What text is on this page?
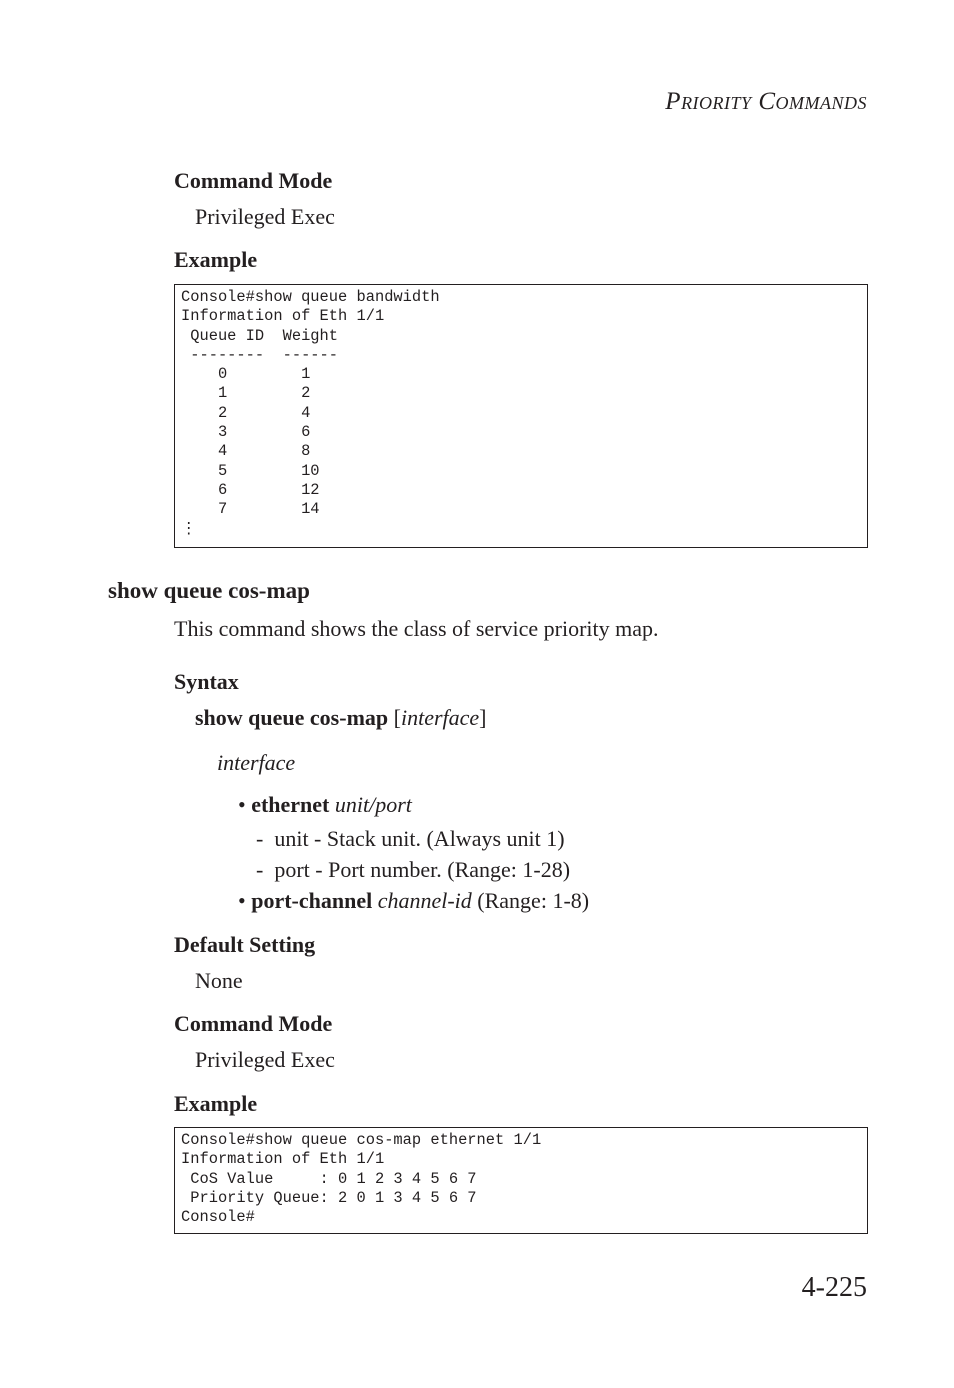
PRIORITY COMMANDS
Command Mode
Privileged Exec
Example
Console#show queue bandwidth
Information of Eth 1/1
Queue ID  Weight
--------  ------
0        1
1        2
2        4
3        6
4        8
5        10
6        12
7        14
⋮
show queue cos-map
This command shows the class of service priority map.
Syntax
show queue cos-map [interface]
interface
• ethernet unit/port
-  unit - Stack unit. (Always unit 1)
-  port - Port number. (Range: 1-28)
• port-channel channel-id (Range: 1-8)
Default Setting
None
Command Mode
Privileged Exec
Example
Console#show queue cos-map ethernet 1/1
Information of Eth 1/1
CoS Value     : 0 1 2 3 4 5 6 7
Priority Queue: 2 0 1 3 4 5 6 7
Console#
4-225
